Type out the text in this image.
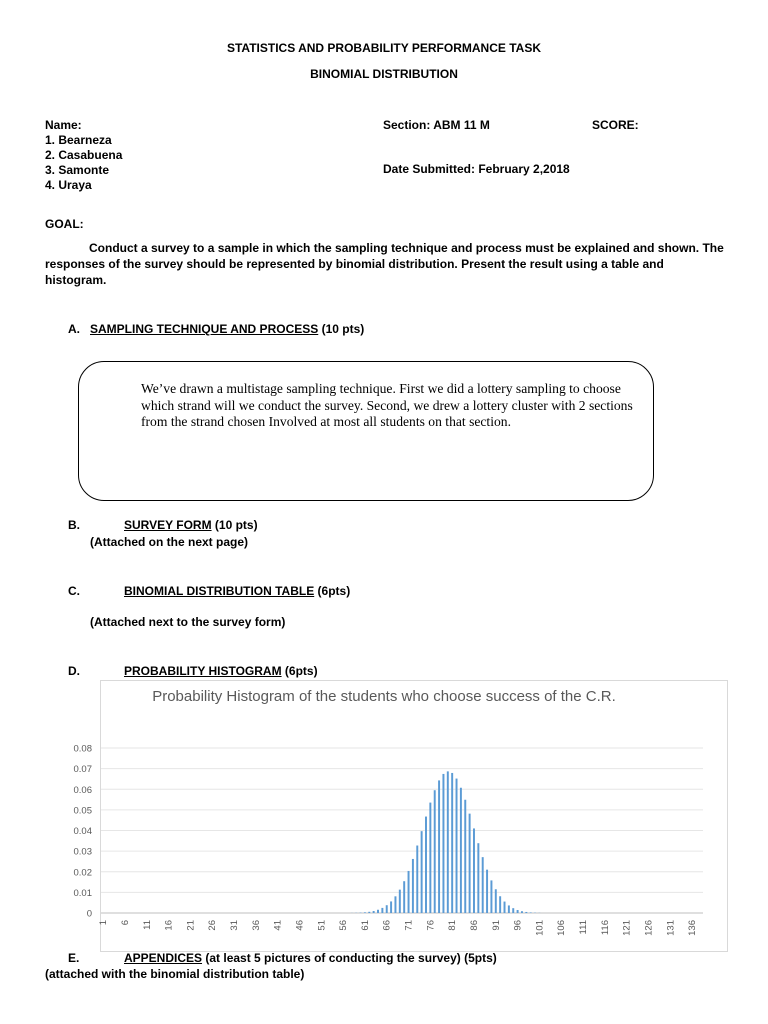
STATISTICS AND PROBABILITY PERFORMANCE TASK
BINOMIAL DISTRIBUTION
Name:
1. Bearneza
2. Casabuena
3. Samonte
4. Uraya
Section: ABM 11 M	SCORE:
Date Submitted: February 2,2018
GOAL:
Conduct a survey to a sample in which the sampling technique and process must be explained and shown. The responses of the survey should be represented by binomial distribution. Present the result using a table and histogram.
A. SAMPLING TECHNIQUE AND PROCESS (10 pts)
We’ve drawn a multistage sampling technique. First we did a lottery sampling to choose which strand will we conduct the survey. Second, we drew a lottery cluster with 2 sections from the strand chosen Involved at most all students on that section.
B.	SURVEY FORM (10 pts)
(Attached on the next page)
C.	BINOMIAL DISTRIBUTION TABLE (6pts)
(Attached next to the survey form)
D.	PROBABILITY HISTOGRAM (6pts)
Probability Histogram of the students who choose success of the C.R.
0.08
0.07
0.06
0.05
0.04
0.03
0.02
0.01
0
1 6 11 16 21 26 31 36 41 46 51 56 61 66 71 76 81 86 91 96 101 106 111 116 121 126 131 136
E.	APPENDICES (at least 5 pictures of conducting the survey) (5pts)
(attached with the binomial distribution table)
